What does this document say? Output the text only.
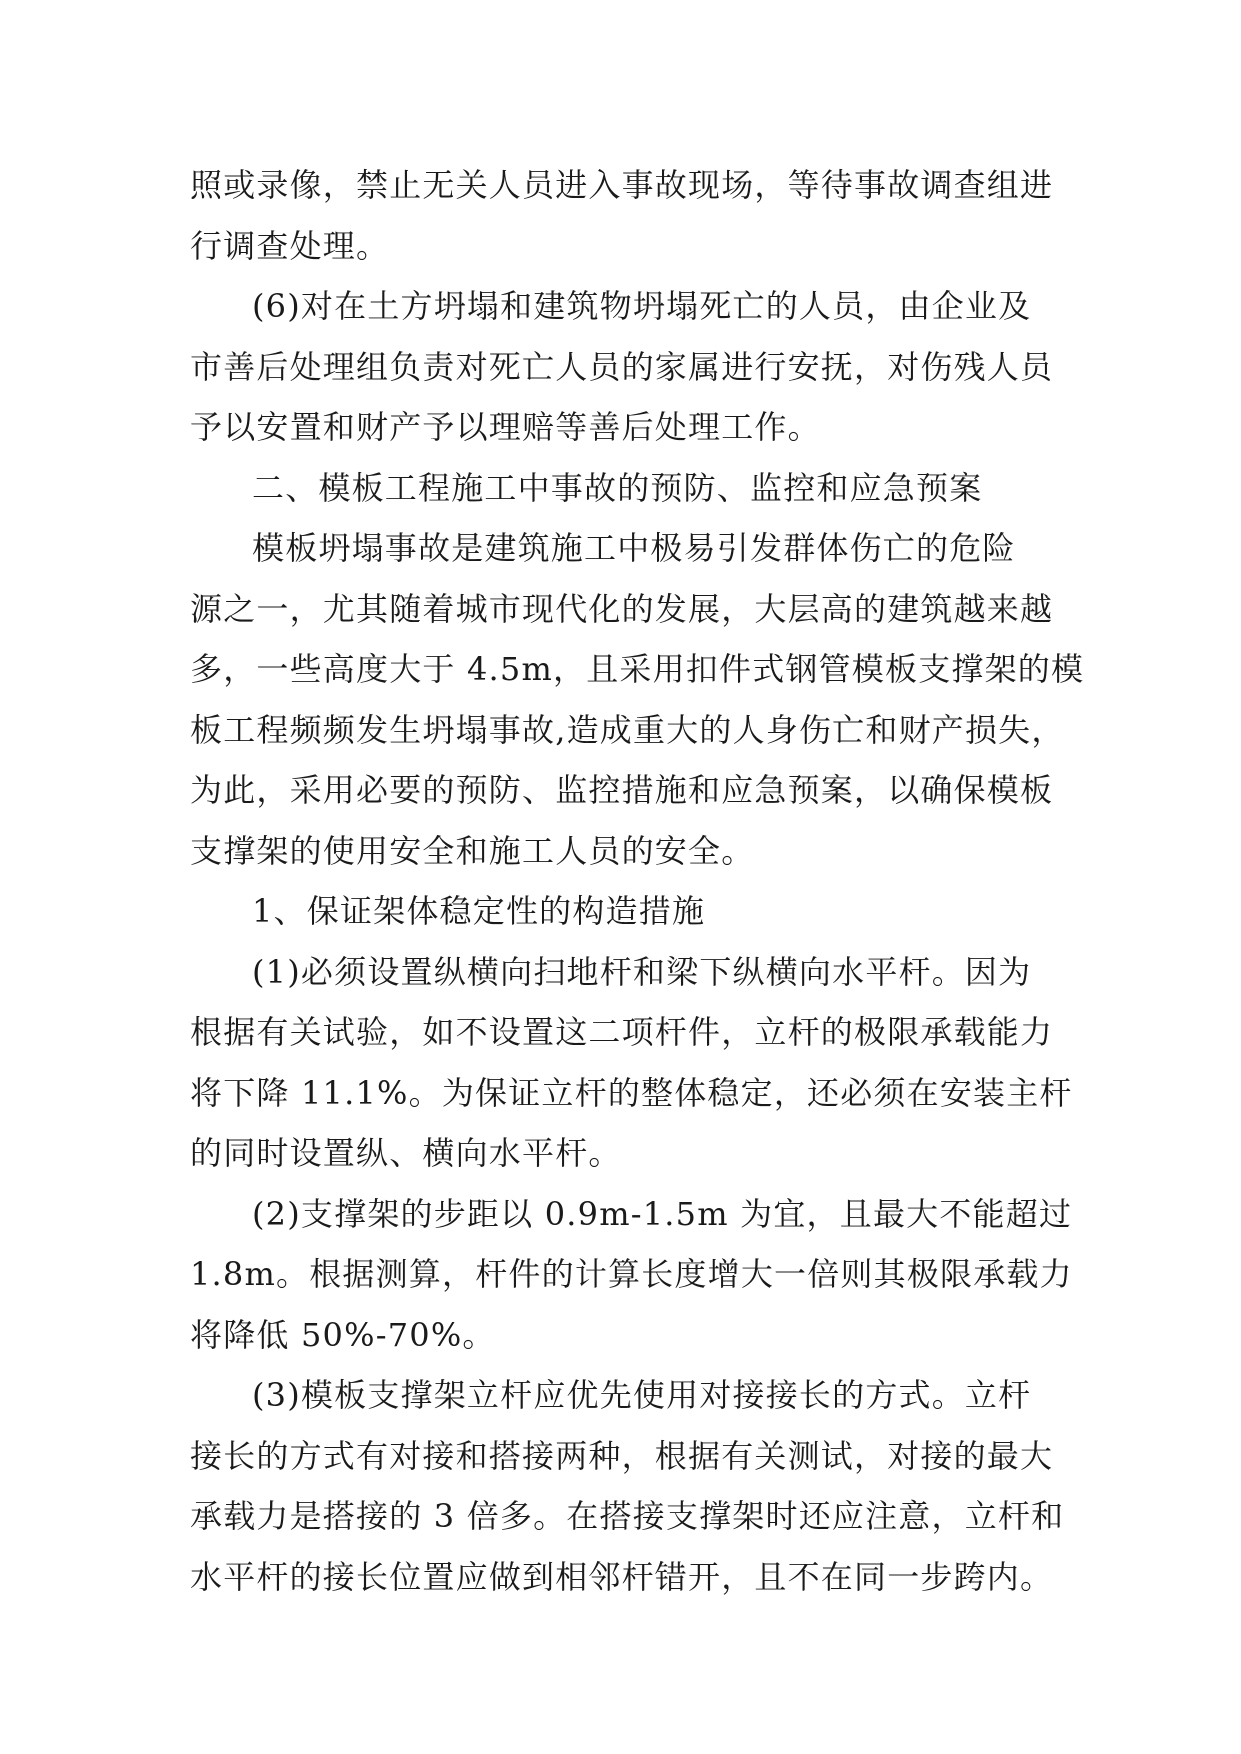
照或录像，禁止无关人员进入事故现场，等待事故调查组进
行调查处理。
(6)对在土方坍塌和建筑物坍塌死亡的人员，由企业及
市善后处理组负责对死亡人员的家属进行安抚，对伤残人员
予以安置和财产予以理赔等善后处理工作。
二、模板工程施工中事故的预防、监控和应急预案
模板坍塌事故是建筑施工中极易引发群体伤亡的危险
源之一，尤其随着城市现代化的发展，大层高的建筑越来越
多，一些高度大于 4.5m，且采用扣件式钢管模板支撑架的模
板工程频频发生坍塌事故,造成重大的人身伤亡和财产损失，
为此，采用必要的预防、监控措施和应急预案，以确保模板
支撑架的使用安全和施工人员的安全。
1、保证架体稳定性的构造措施
(1)必须设置纵横向扫地杆和梁下纵横向水平杆。因为
根据有关试验，如不设置这二项杆件，立杆的极限承载能力
将下降 11.1%。为保证立杆的整体稳定，还必须在安装主杆
的同时设置纵、横向水平杆。
(2)支撑架的步距以 0.9m-1.5m 为宜，且最大不能超过
1.8m。根据测算，杆件的计算长度增大一倍则其极限承载力
将降低 50%-70%。
(3)模板支撑架立杆应优先使用对接接长的方式。立杆
接长的方式有对接和搭接两种，根据有关测试，对接的最大
承载力是搭接的 3 倍多。在搭接支撑架时还应注意，立杆和
水平杆的接长位置应做到相邻杆错开，且不在同一步跨内。
